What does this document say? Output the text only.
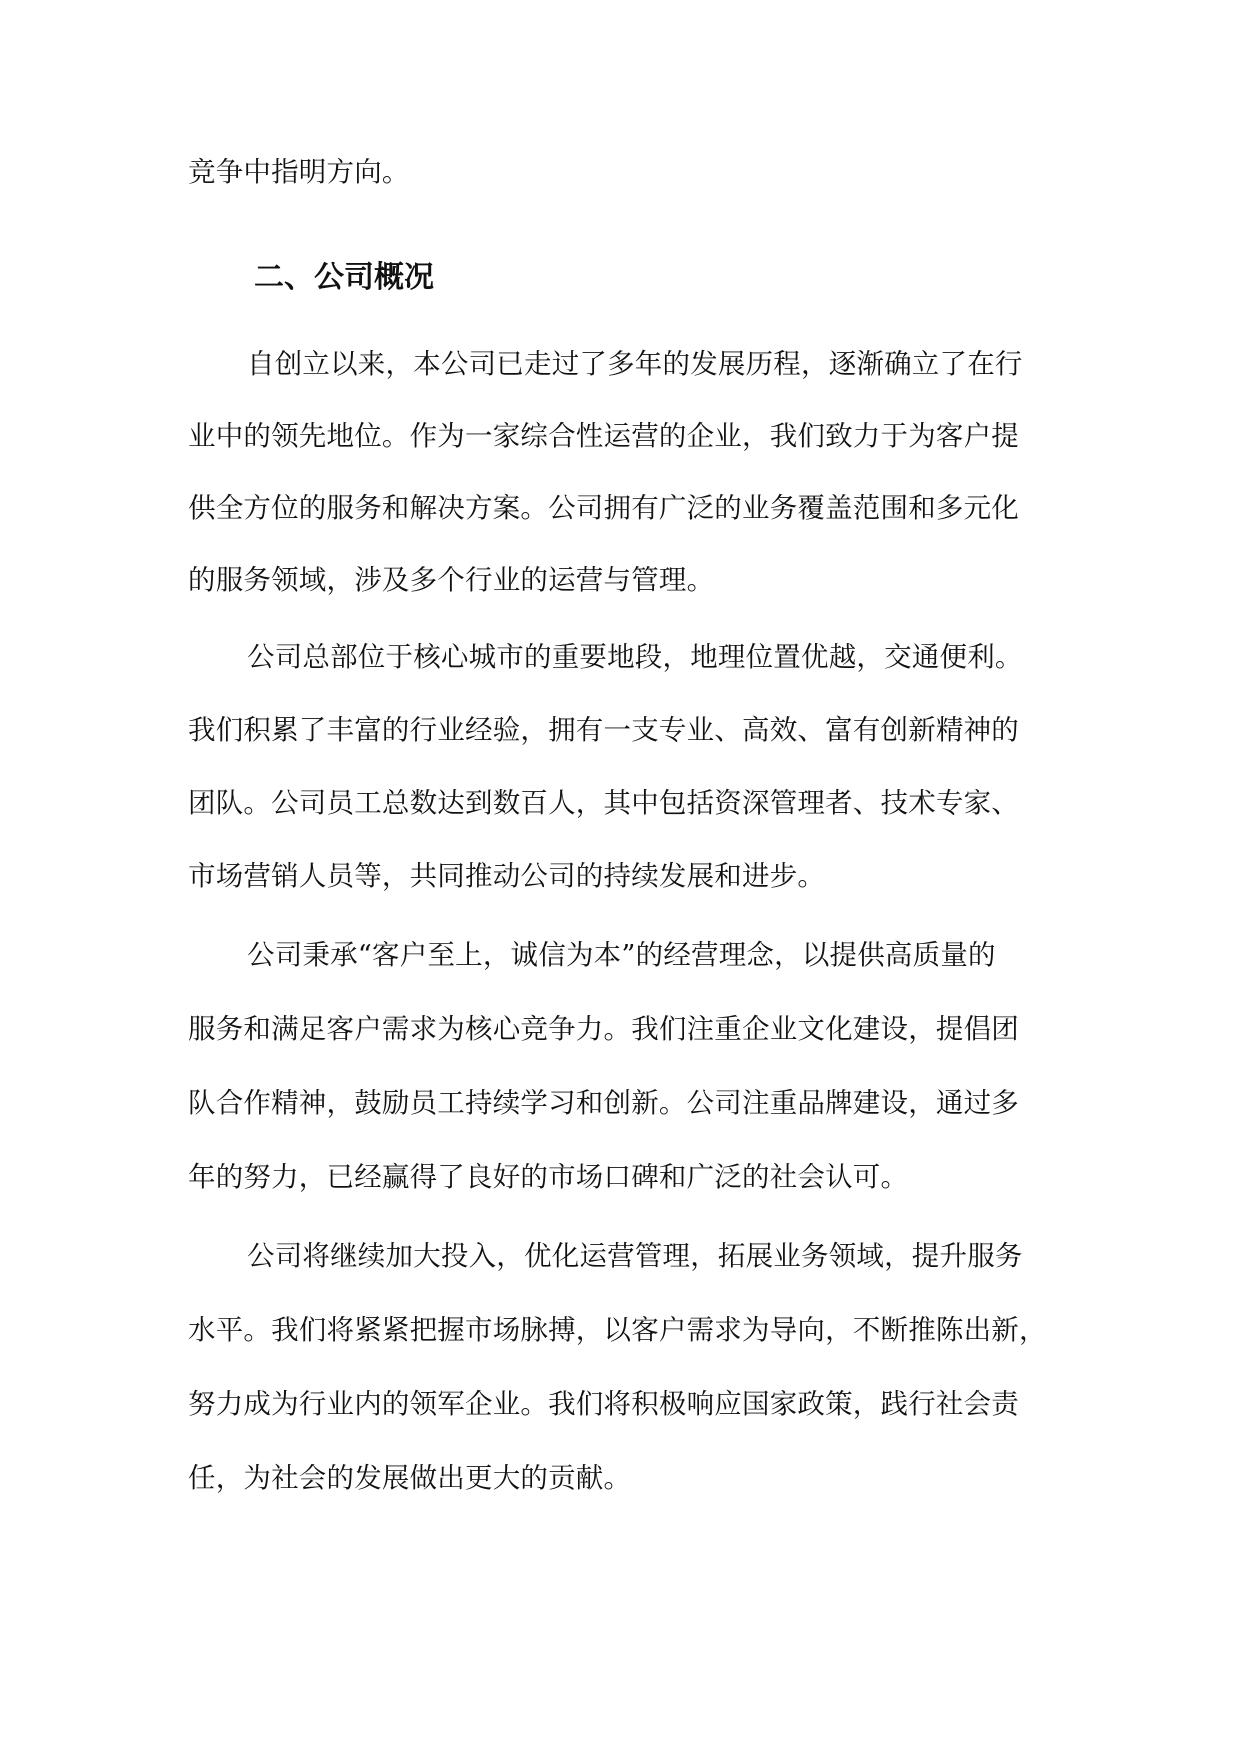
竞争中指明方向。
二、公司概况
自创立以来，本公司已走过了多年的发展历程，逐渐确立了在行
业中的领先地位。作为一家综合性运营的企业，我们致力于为客户提
供全方位的服务和解决方案。公司拥有广泛的业务覆盖范围和多元化
的服务领域，涉及多个行业的运营与管理。
公司总部位于核心城市的重要地段，地理位置优越，交通便利。
我们积累了丰富的行业经验，拥有一支专业、高效、富有创新精神的
团队。公司员工总数达到数百人，其中包括资深管理者、技术专家、
市场营销人员等，共同推动公司的持续发展和进步。
公司秉承“客户至上，诚信为本”的经营理念，以提供高质量的
服务和满足客户需求为核心竞争力。我们注重企业文化建设，提倡团
队合作精神，鼓励员工持续学习和创新。公司注重品牌建设，通过多
年的努力，已经赢得了良好的市场口碑和广泛的社会认可。
公司将继续加大投入，优化运营管理，拓展业务领域，提升服务
水平。我们将紧紧把握市场脉搏，以客户需求为导向，不断推陈出新，
努力成为行业内的领军企业。我们将积极响应国家政策，践行社会责
任，为社会的发展做出更大的贡献。
